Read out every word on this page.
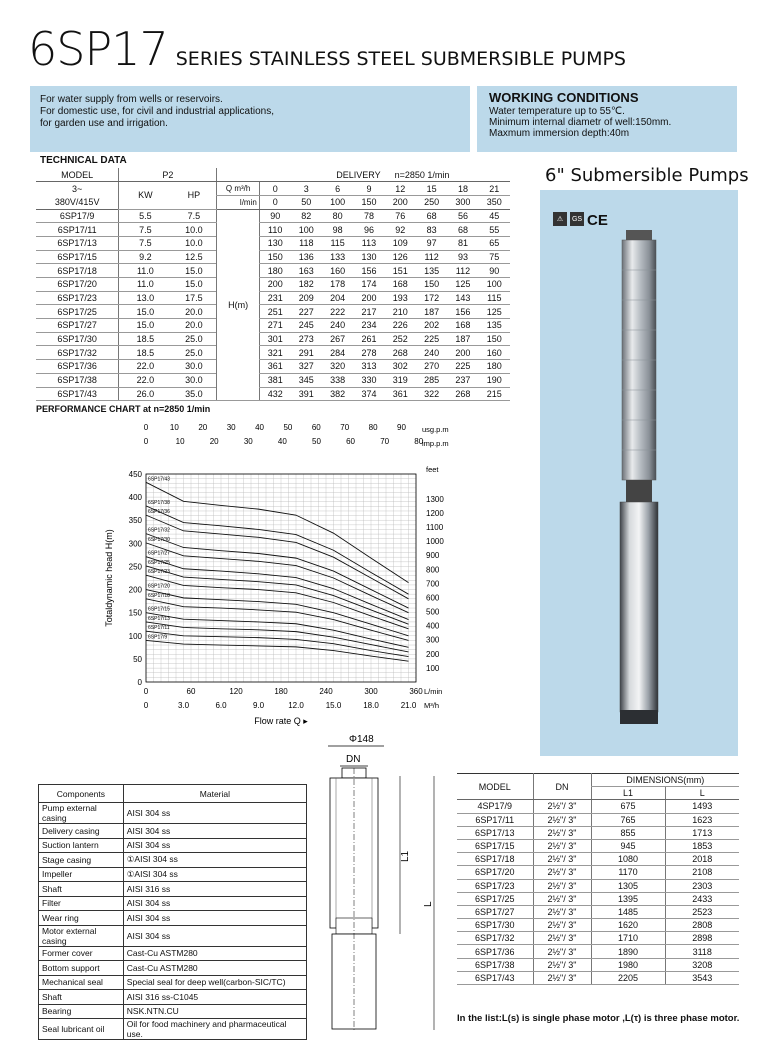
6SP17 SERIES STAINLESS STEEL SUBMERSIBLE PUMPS
For water supply from wells or reservoirs.
For domestic use, for civil and industrial applications,
for garden use and irrigation.
WORKING CONDITIONS
Water temperature up to 55℃.
Minimum internal diametr of well:150mm.
Maxmum immersion depth:40m
TECHNICAL DATA
MODEL	P2			DELIVERY				n=2850 1/min			
3~	KW	HP	Q m³/h	0	3	6	9	12	15	18	21
380V/415V			l/min	0	50	100	150	200	250	300	350
6SP17/9	5.5	7.5	H(m)	90	82	80	78	76	68	56	45
6SP17/11	7.5	10.0		110	100	98	96	92	83	68	55
6SP17/13	7.5	10.0		130	118	115	113	109	97	81	65
6SP17/15	9.2	12.5		150	136	133	130	126	112	93	75
6SP17/18	11.0	15.0		180	163	160	156	151	135	112	90
6SP17/20	11.0	15.0		200	182	178	174	168	150	125	100
6SP17/23	13.0	17.5		231	209	204	200	193	172	143	115
6SP17/25	15.0	20.0		251	227	222	217	210	187	156	125
6SP17/27	15.0	20.0		271	245	240	234	226	202	168	135
6SP17/30	18.5	25.0		301	273	267	261	252	225	187	150
6SP17/32	18.5	25.0		321	291	284	278	268	240	200	160
6SP17/36	22.0	30.0		361	327	320	313	302	270	225	180
6SP17/38	22.0	30.0		381	345	338	330	319	285	237	190
6SP17/43	26.0	35.0		432	391	382	374	361	322	268	215
PERFORMANCE CHART at n=2850 1/min
0
50
100
150
200
250
300
350
400
450
100
200
300
400
500
600
700
800
900
1000
1100
1200
1300
feet
0	60	120	180	240	300	360 L/min
0	3.0	6.0	9.0	12.0	15.0	18.0	21.0 M³/h
0	10 20 30 40 50 60 70 80 90 usg.p.m
0	10	20	30	40	50	60	70	80
imp.p.m
Totaldynamic head H(m)
Flow rate Q ▸
6SP17/9
6SP17/11
6SP17/13
6SP17/15
6SP17/18
6SP17/20
6SP17/23
6SP17/25
6SP17/27
6SP17/30
6SP17/32
6SP17/36
6SP17/38
6SP17/43
6" Submersible Pumps
⚠	GS CE
Components	Material
Pump external casing	AISI 304 ss
Delivery casing	AISI 304 ss
Suction lantern	AISI 304 ss
Stage casing	①AISI 304 ss
Impeller	①AISI 304 ss
Shaft	AISI 316 ss
Filter	AISI 304 ss
Wear ring	AISI 304 ss
Motor external casing	AISI 304 ss
Former cover	Cast-Cu ASTM280
Bottom support	Cast-Cu ASTM280
Mechanical seal	Special seal for deep well(carbon-SIC/TC)
Shaft	AISI 316 ss-C1045
Bearing	NSK.NTN.CU
Seal lubricant oil	Oil for food machinery and pharmaceutical use.
Φ148
DN
L1
L
MODEL	DN	DIMENSIONS(mm)	
		L1	L
4SP17/9	2½"/ 3"	675	1493
6SP17/11	2½"/ 3"	765	1623
6SP17/13	2½"/ 3"	855	1713
6SP17/15	2½"/ 3"	945	1853
6SP17/18	2½"/ 3"	1080	2018
6SP17/20	2½"/ 3"	1170	2108
6SP17/23	2½"/ 3"	1305	2303
6SP17/25	2½"/ 3"	1395	2433
6SP17/27	2½"/ 3"	1485	2523
6SP17/30	2½"/ 3"	1620	2808
6SP17/32	2½"/ 3"	1710	2898
6SP17/36	2½"/ 3"	1890	3118
6SP17/38	2½"/ 3"	1980	3208
6SP17/43	2½"/ 3"	2205	3543
In the list:L(s) is single phase motor ,L(τ) is three phase motor.
